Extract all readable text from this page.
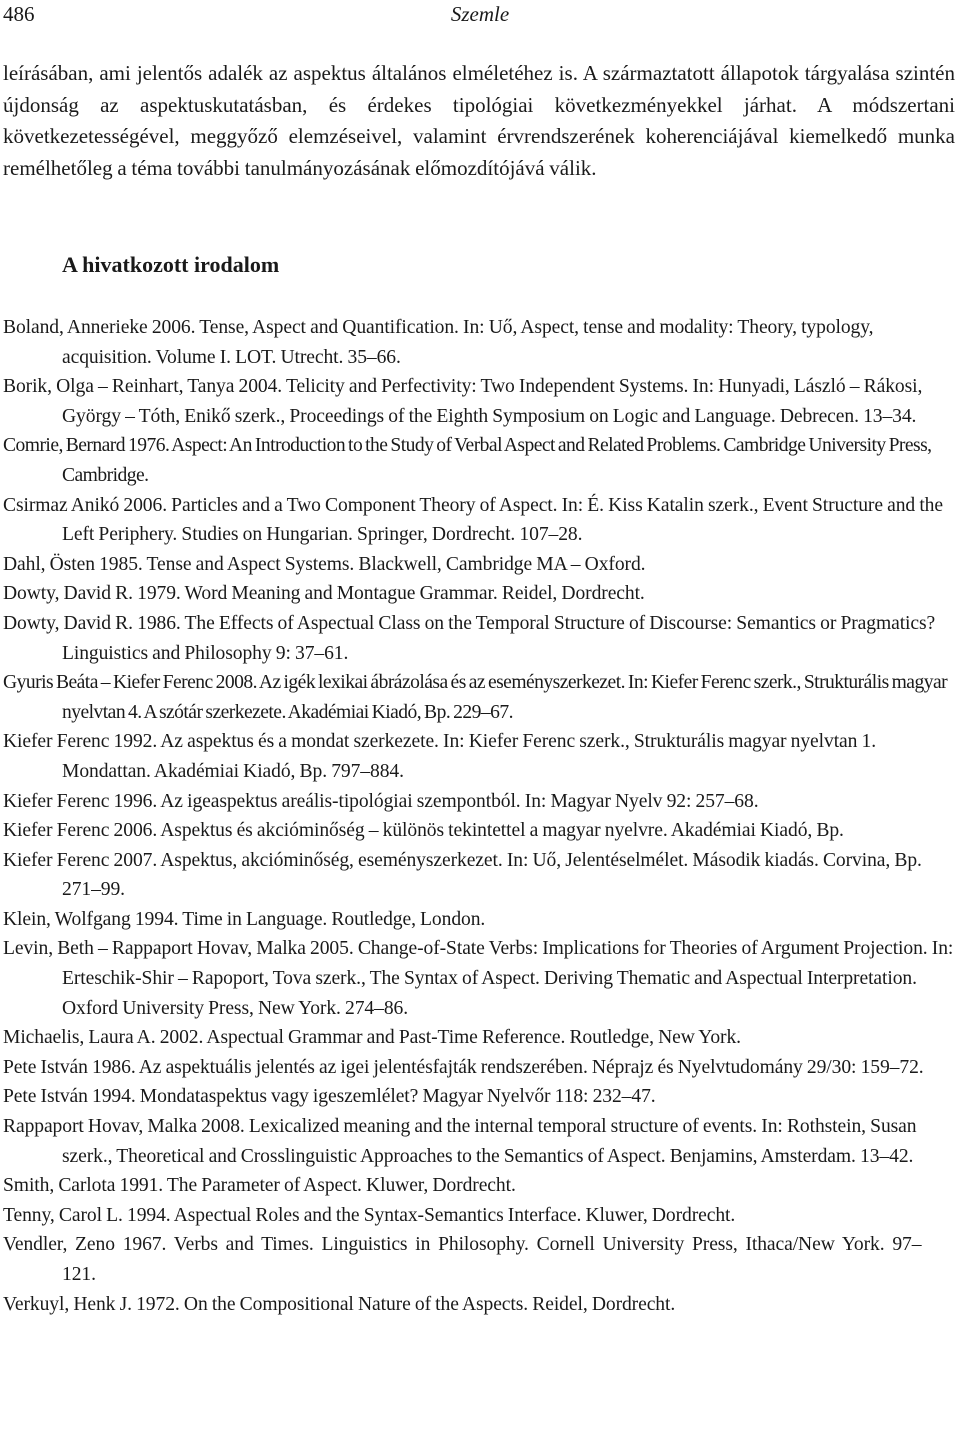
486	Szemle

leírásában, ami jelentős adalék az aspektus általános elméletéhez is. A származtatott állapotok tárgyalása szintén újdonság az aspektuskutatásban, és érdekes tipológiai következményekkel járhat. A módszertani következetességével, meggyőző elemzéseivel, valamint érvrendszerének koherenciájával kiemelkedő munka remélhetőleg a téma további tanulmányozásának előmozdítójává válik.

A hivatkozott irodalom
Boland, Annerieke 2006. Tense, Aspect and Quantification. In: Uő, Aspect, tense and modality: Theory, typology, acquisition. Volume I. LOT. Utrecht. 35–66.
Borik, Olga – Reinhart, Tanya 2004. Telicity and Perfectivity: Two Independent Systems. In: Hunyadi, László – Rákosi, György – Tóth, Enikő szerk., Proceedings of the Eighth Symposium on Logic and Language. Debrecen. 13–34.
Comrie, Bernard 1976. Aspect: An Introduction to the Study of Verbal Aspect and Related Problems. Cambridge University Press, Cambridge.
Csirmaz Anikó 2006. Particles and a Two Component Theory of Aspect. In: É. Kiss Katalin szerk., Event Structure and the Left Periphery. Studies on Hungarian. Springer, Dordrecht. 107–28.
Dahl, Östen 1985. Tense and Aspect Systems. Blackwell, Cambridge MA – Oxford.
Dowty, David R. 1979. Word Meaning and Montague Grammar. Reidel, Dordrecht.
Dowty, David R. 1986. The Effects of Aspectual Class on the Temporal Structure of Discourse: Semantics or Pragmatics? Linguistics and Philosophy 9: 37–61.
Gyuris Beáta – Kiefer Ferenc 2008. Az igék lexikai ábrázolása és az eseményszerkezet. In: Kiefer Ferenc szerk., Strukturális magyar nyelvtan 4. A szótár szerkezete. Akadémiai Kiadó, Bp. 229–67.
Kiefer Ferenc 1992. Az aspektus és a mondat szerkezete. In: Kiefer Ferenc szerk., Strukturális magyar nyelvtan 1. Mondattan. Akadémiai Kiadó, Bp. 797–884.
Kiefer Ferenc 1996. Az igeaspektus areális-tipológiai szempontból. In: Magyar Nyelv 92: 257–68.
Kiefer Ferenc 2006. Aspektus és akcióminőség – különös tekintettel a magyar nyelvre. Akadémiai Kiadó, Bp.
Kiefer Ferenc 2007. Aspektus, akcióminőség, eseményszerkezet. In: Uő, Jelentéselmélet. Második kiadás. Corvina, Bp. 271–99.
Klein, Wolfgang 1994. Time in Language. Routledge, London.
Levin, Beth – Rappaport Hovav, Malka 2005. Change-of-State Verbs: Implications for Theories of Argument Projection. In: Erteschik-Shir – Rapoport, Tova szerk., The Syntax of Aspect. Deriving Thematic and Aspectual Interpretation. Oxford University Press, New York. 274–86.
Michaelis, Laura A. 2002. Aspectual Grammar and Past-Time Reference. Routledge, New York.
Pete István 1986. Az aspektuális jelentés az igei jelentésfajták rendszerében. Néprajz és Nyelvtudomány 29/30: 159–72.
Pete István 1994. Mondataspektus vagy igeszemlélet? Magyar Nyelvőr 118: 232–47.
Rappaport Hovav, Malka 2008. Lexicalized meaning and the internal temporal structure of events. In: Rothstein, Susan szerk., Theoretical and Crosslinguistic Approaches to the Semantics of Aspect. Benjamins, Amsterdam. 13–42.
Smith, Carlota 1991. The Parameter of Aspect. Kluwer, Dordrecht.
Tenny, Carol L. 1994. Aspectual Roles and the Syntax-Semantics Interface. Kluwer, Dordrecht.
Vendler, Zeno 1967. Verbs and Times. Linguistics in Philosophy. Cornell University Press, Ithaca/New York. 97–121.
Verkuyl, Henk J. 1972. On the Compositional Nature of the Aspects. Reidel, Dordrecht.
